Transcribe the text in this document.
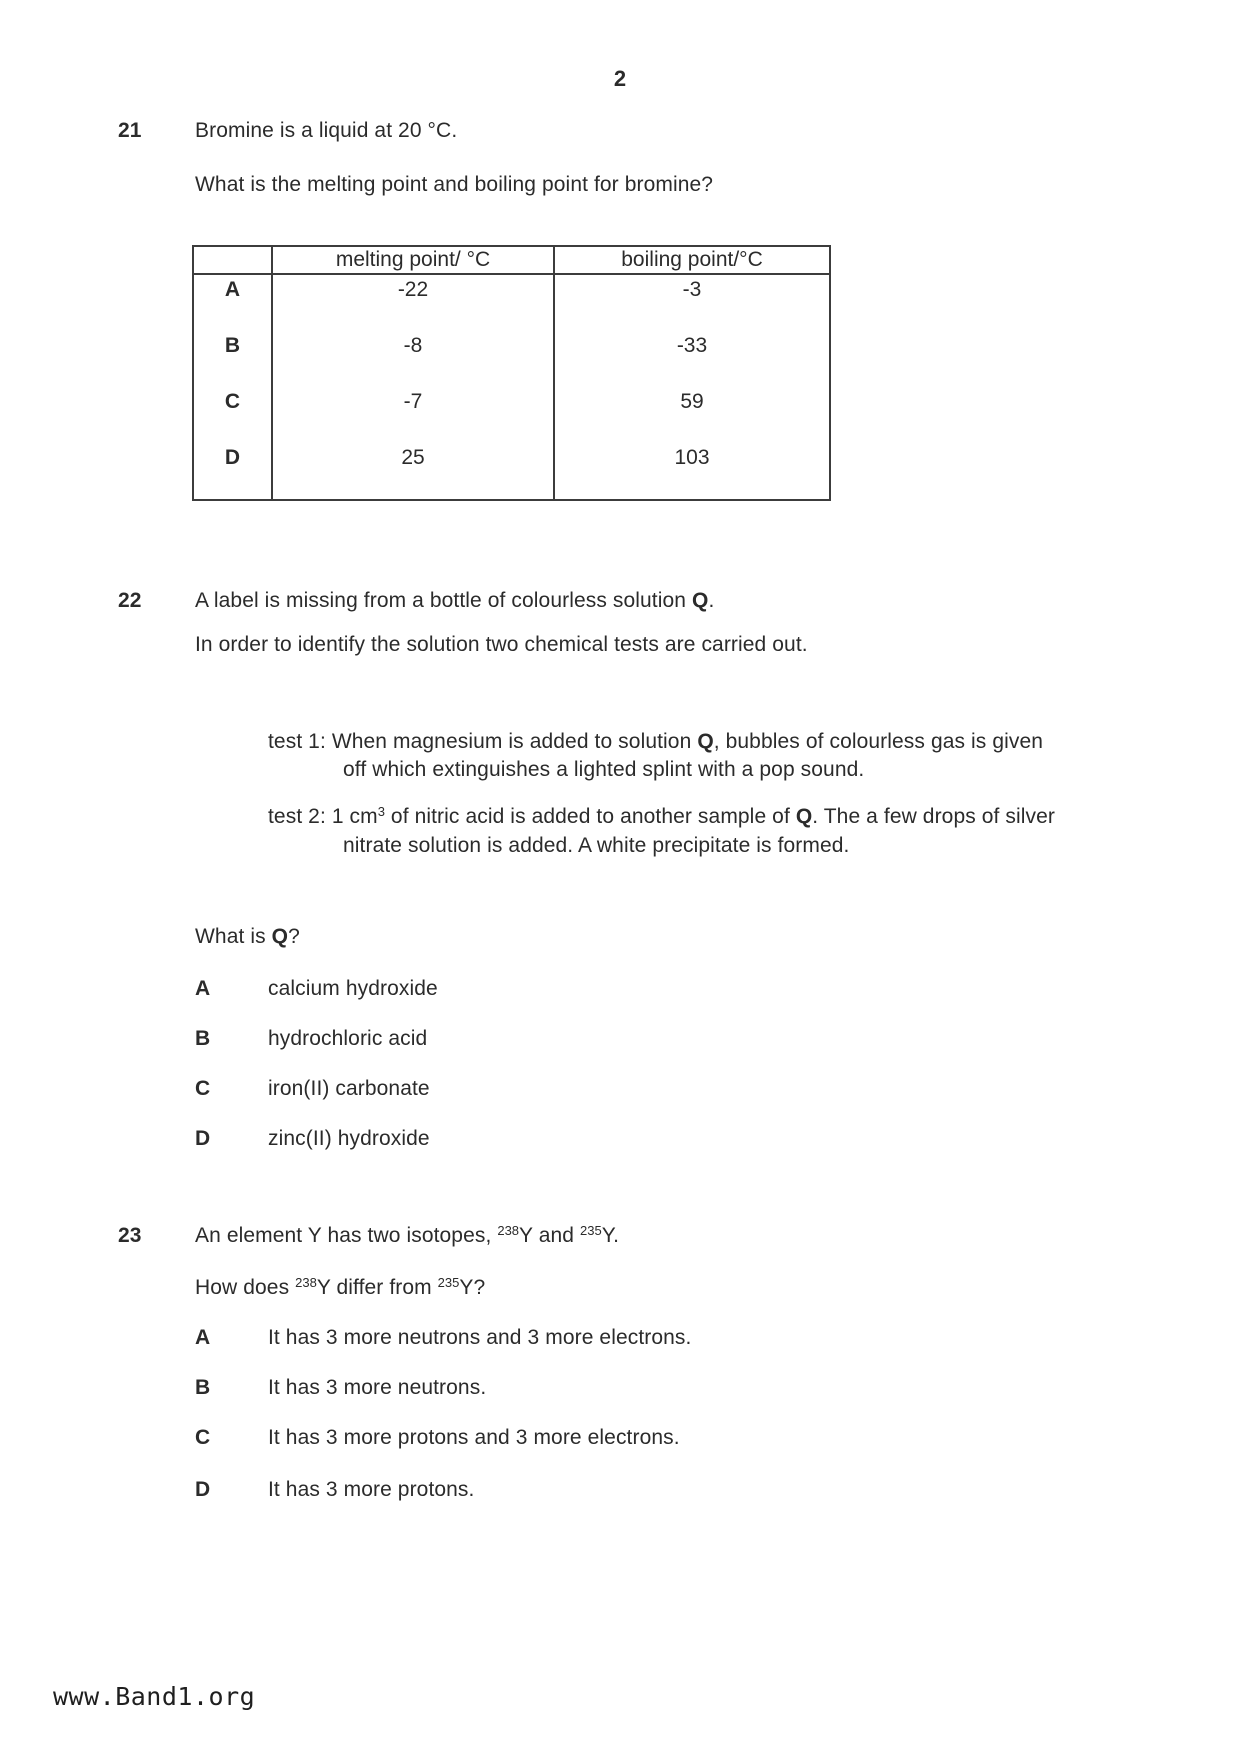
2
21	Bromine is a liquid at 20 °C.
What is the melting point and boiling point for bromine?
	melting point/ °C	boiling point/°C
A	-22	-3
B	-8	-33
C	-7	59
D	25	103
22	A label is missing from a bottle of colourless solution Q.
In order to identify the solution two chemical tests are carried out.
test 1: When magnesium is added to solution Q, bubbles of colourless gas is given
off which extinguishes a lighted splint with a pop sound.
test 2: 1 $cm^3$ of nitric acid is added to another sample of Q. The a few drops of silver
nitrate solution is added. A white precipitate is formed.
What is Q?
A	calcium hydroxide
B	hydrochloric acid
C	iron(II) carbonate
D	zinc(II) hydroxide
23	An element Y has two isotopes, $^{238}$Y and $^{235}$Y.
How does $^{238}$Y differ from $^{235}$Y?
A	It has 3 more neutrons and 3 more electrons.
B	It has 3 more neutrons.
C	It has 3 more protons and 3 more electrons.
D	It has 3 more protons.
www.Band1.org
